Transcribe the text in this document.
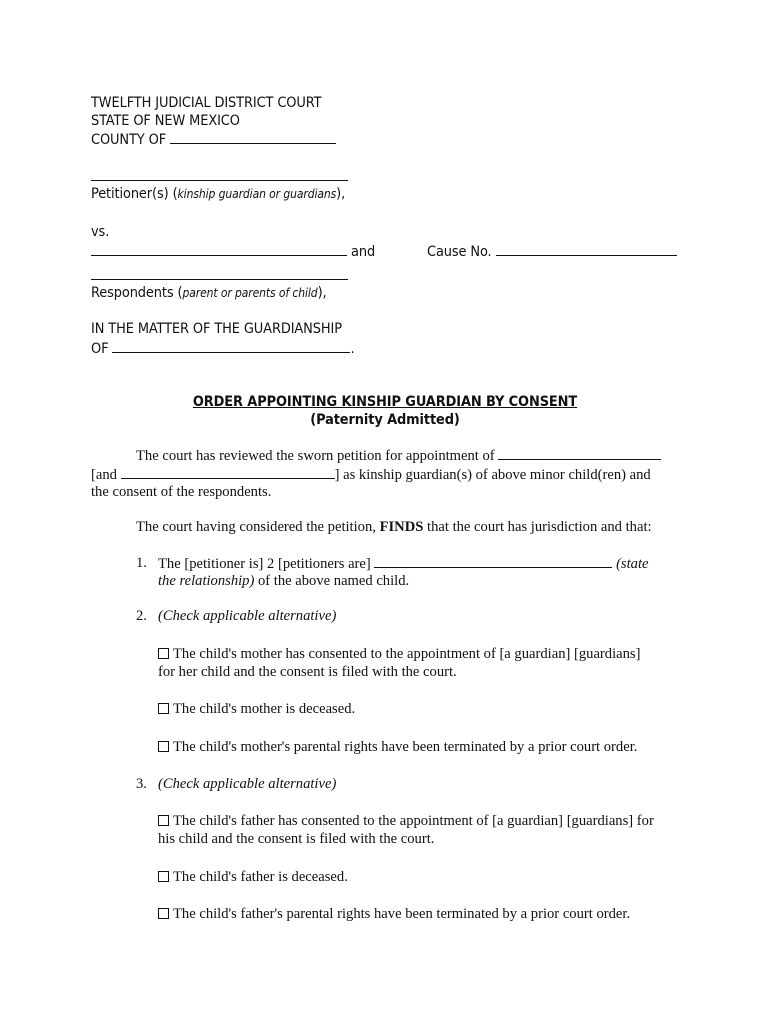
TWELFTH JUDICIAL DISTRICT COURT
STATE OF NEW MEXICO
COUNTY OF
Petitioner(s) (kinship guardian or guardians),
vs.
and	Cause No.
Respondents (parent or parents of child),
IN THE MATTER OF THE GUARDIANSHIP
OF	.
ORDER APPOINTING KINSHIP GUARDIAN BY CONSENT
(Paternity Admitted)
The court has reviewed the sworn petition for appointment of
[and	] as kinship guardian(s) of above minor child(ren) and
the consent of the respondents.
The court having considered the petition, FINDS that the court has jurisdiction and that:
1. The [petitioner is] 2 [petitioners are]	(state
the relationship) of the above named child.
2. (Check applicable alternative)
The child's mother has consented to the appointment of [a guardian] [guardians]
for her child and the consent is filed with the court.
The child's mother is deceased.
The child's mother's parental rights have been terminated by a prior court order.
3. (Check applicable alternative)
The child's father has consented to the appointment of [a guardian] [guardians] for
his child and the consent is filed with the court.
The child's father is deceased.
The child's father's parental rights have been terminated by a prior court order.
